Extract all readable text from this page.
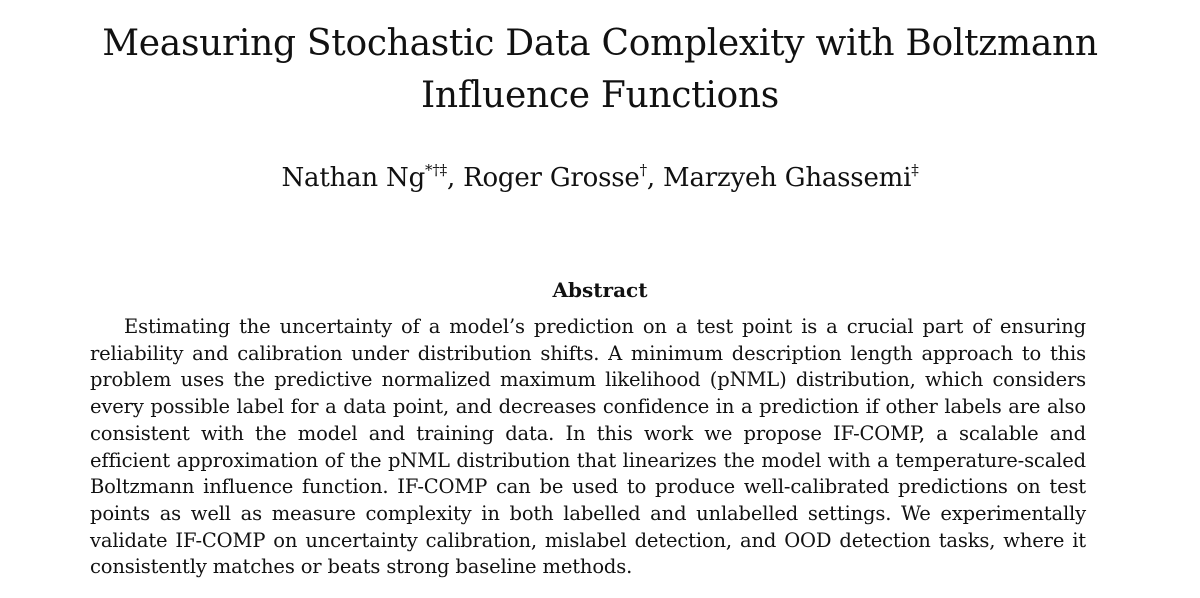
Measuring Stochastic Data Complexity with Boltzmann Influence Functions
Nathan Ng*†‡, Roger Grosse†, Marzyeh Ghassemi‡
Abstract

Estimating the uncertainty of a model’s prediction on a test point is a crucial part of ensuring reliability and calibration under distribution shifts. A minimum description length approach to this problem uses the predictive normalized maximum likelihood (pNML) distribution, which considers every possible label for a data point, and decreases confidence in a prediction if other labels are also consistent with the model and training data. In this work we propose IF-COMP, a scalable and efficient approximation of the pNML distribution that linearizes the model with a temperature-scaled Boltzmann influence function. IF-COMP can be used to produce well-calibrated predictions on test points as well as measure complexity in both labelled and unlabelled settings. We experimentally validate IF-COMP on uncertainty calibration, mislabel detection, and OOD detection tasks, where it consistently matches or beats strong baseline methods.
